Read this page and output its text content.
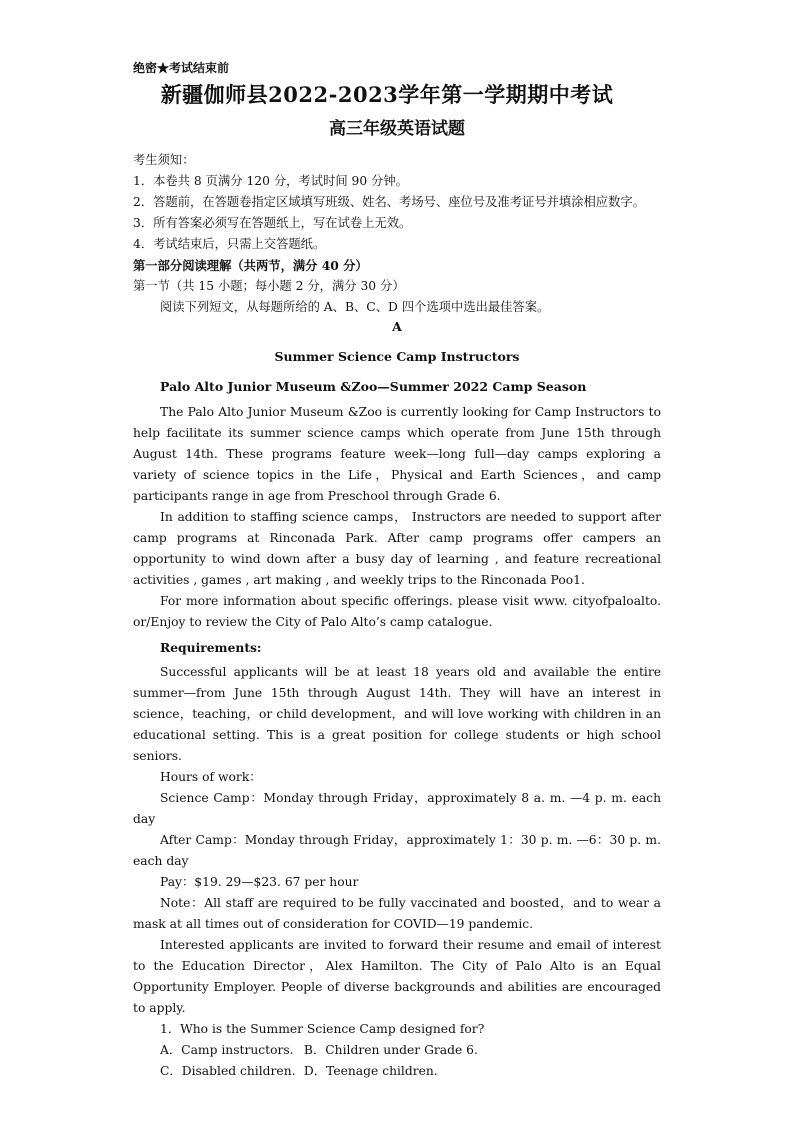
绝密★考试结束前
新疆伽师县2022-2023学年第一学期期中考试
高三年级英语试题

考生须知：

1．本卷共 8 页满分 120 分，考试时间 90 分钟。

2．答题前，在答题卷指定区域填写班级、姓名、考场号、座位号及准考证号并填涂相应数字。

3．所有答案必须写在答题纸上，写在试卷上无效。

4．考试结束后，只需上交答题纸。

第一部分阅读理解（共两节，满分 40 分）

第一节（共 15 小题；每小题 2 分，满分 30 分）

阅读下列短文，从每题所给的 A、B、C、D 四个选项中选出最佳答案。

A
Summer Science Camp Instructors
Palo Alto Junior Museum &Zoo—Summer 2022 Camp Season

The Palo Alto Junior Museum &Zoo is currently looking for Camp Instructors to help facilitate its summer science camps which operate from June 15th through August 14th. These programs feature week—long full—day camps exploring a variety of science topics in the Life，Physical and Earth Sciences，and camp participants range in age from Preschool through Grade 6.

In addition to staffing science camps， Instructors are needed to support after camp programs at Rinconada Park. After camp programs offer campers an opportunity to wind down after a busy day of learning , and feature recreational activities , games , art making , and weekly trips to the Rinconada Poo1.

For more information about specific offerings. please visit www. cityofpaloalto. or/Enjoy to review the City of Palo Alto’s camp catalogue.

Requirements:

Successful applicants will be at least 18 years old and available the entire summer—from June 15th through August 14th. They will have an interest in science，teaching，or child development，and will love working with children in an educational setting. This is a great position for college students or high school seniors.

Hours of work：

Science Camp：Monday through Friday，approximately 8 a. m. —4 p. m. each day

After Camp：Monday through Friday，approximately 1：30 p. m. —6：30 p. m. each day

Pay：$19. 29—$23. 67 per hour

Note：All staff are required to be fully vaccinated and boosted，and to wear a mask at all times out of consideration for COVID—19 pandemic.

Interested applicants are invited to forward their resume and email of interest to the Education Director，Alex Hamilton. The City of Palo Alto is an Equal Opportunity Employer. People of diverse backgrounds and abilities are encouraged to apply.

1．Who is the Summer Science Camp designed for?

A．Camp instructors. B．Children under Grade 6.

C．Disabled children. D．Teenage children.
